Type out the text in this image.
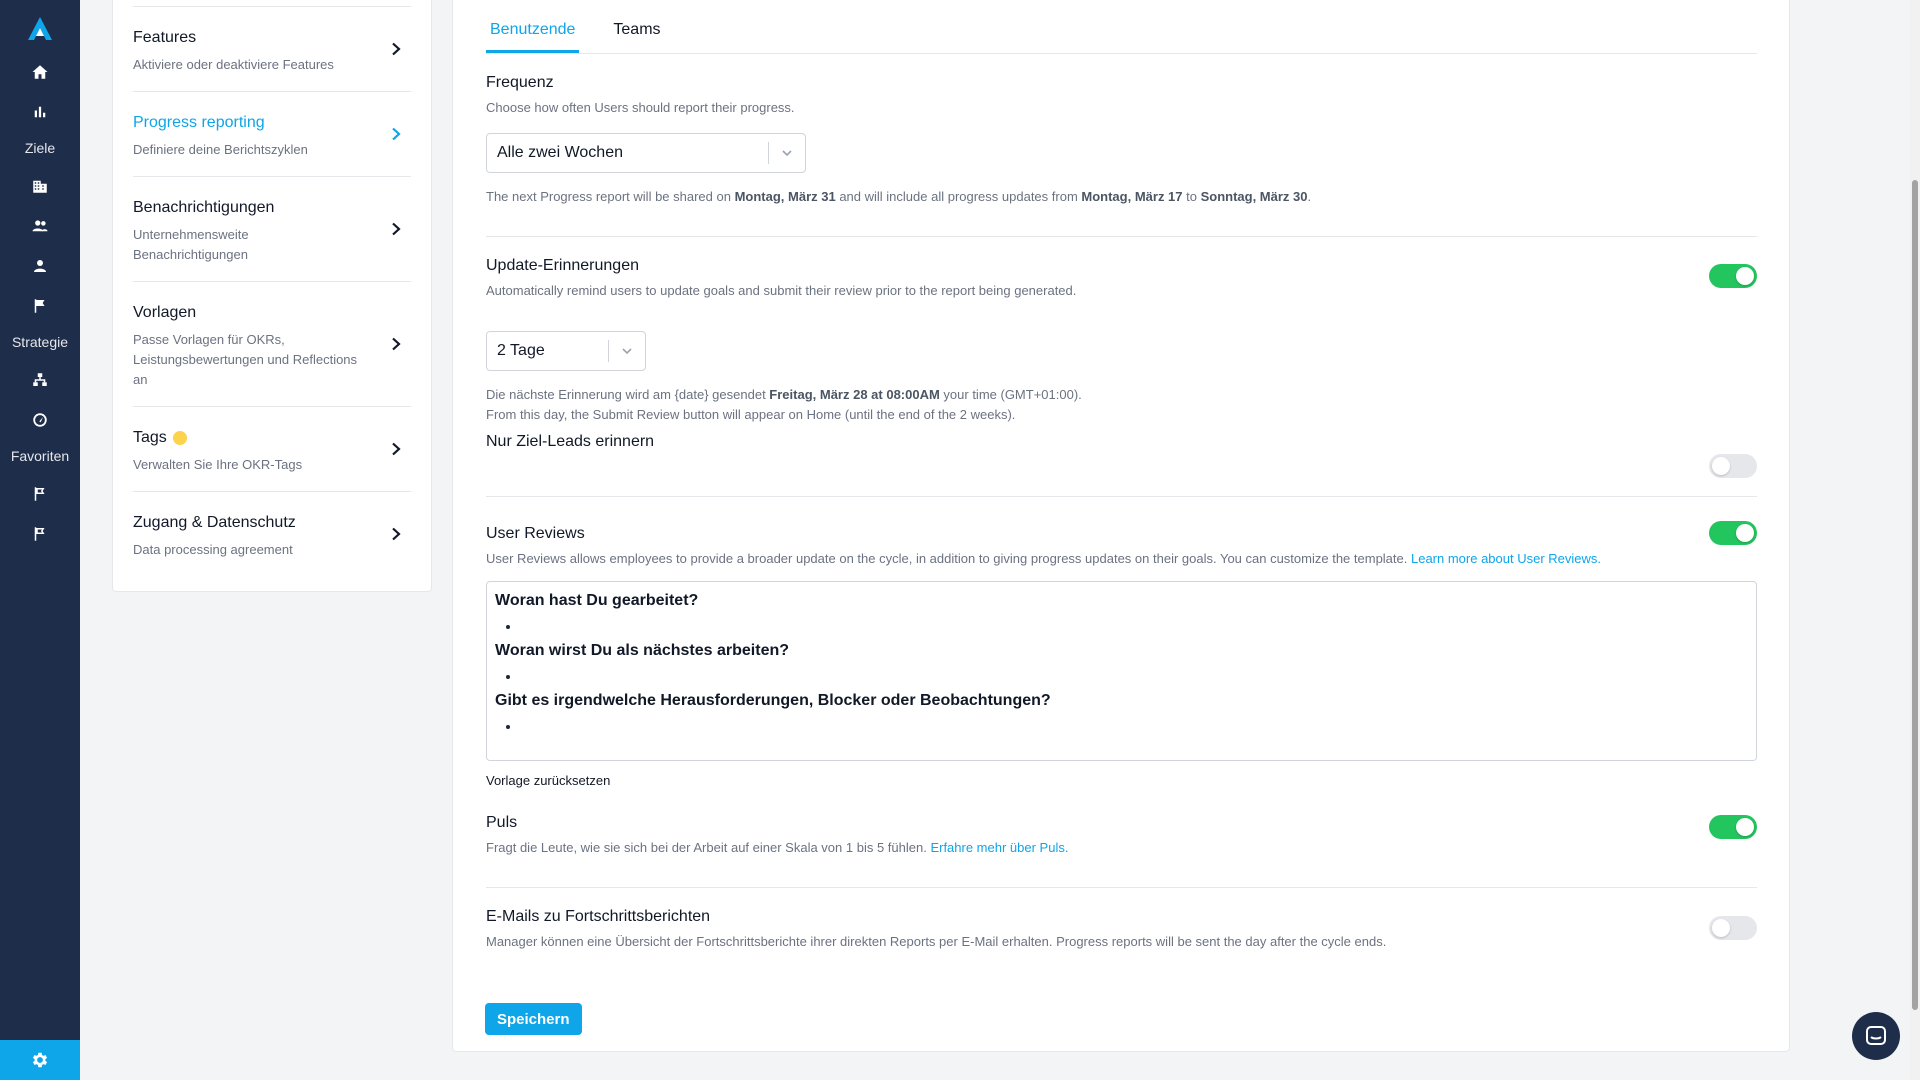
Ziele
Strategie
Favoriten
Features
Aktiviere oder deaktiviere Features
Progress reporting
Definiere deine Berichtszyklen
Benachrichtigungen
Unternehmensweite Benachrichtigungen
Vorlagen
Passe Vorlagen für OKRs, Leistungsbewertungen und Reflections an
Tags
Verwalten Sie Ihre OKR-Tags
Zugang & Datenschutz
Data processing agreement
Benutzende Teams
Frequenz
Choose how often Users should report their progress.
Alle zwei Wochen
The next Progress report will be shared on Montag, März 31 and will include all progress updates from Montag, März 17 to Sonntag, März 30.
Update-Erinnerungen
Automatically remind users to update goals and submit their review prior to the report being generated.
2 Tage
Die nächste Erinnerung wird am {date} gesendet Freitag, März 28 at 08:00AM your time (GMT+01:00).
From this day, the Submit Review button will appear on Home (until the end of the 2 weeks).
Nur Ziel-Leads erinnern
User Reviews
User Reviews allows employees to provide a broader update on the cycle, in addition to giving progress updates on their goals. You can customize the template. Learn more about User Reviews.
Woran hast Du gearbeitet?
•
Woran wirst Du als nächstes arbeiten?
•
Gibt es irgendwelche Herausforderungen, Blocker oder Beobachtungen?
•
Vorlage zurücksetzen
Puls
Fragt die Leute, wie sie sich bei der Arbeit auf einer Skala von 1 bis 5 fühlen. Erfahre mehr über Puls.
E-Mails zu Fortschrittsberichten
Manager können eine Übersicht der Fortschrittsberichte ihrer direkten Reports per E-Mail erhalten. Progress reports will be sent the day after the cycle ends.
Speichern
